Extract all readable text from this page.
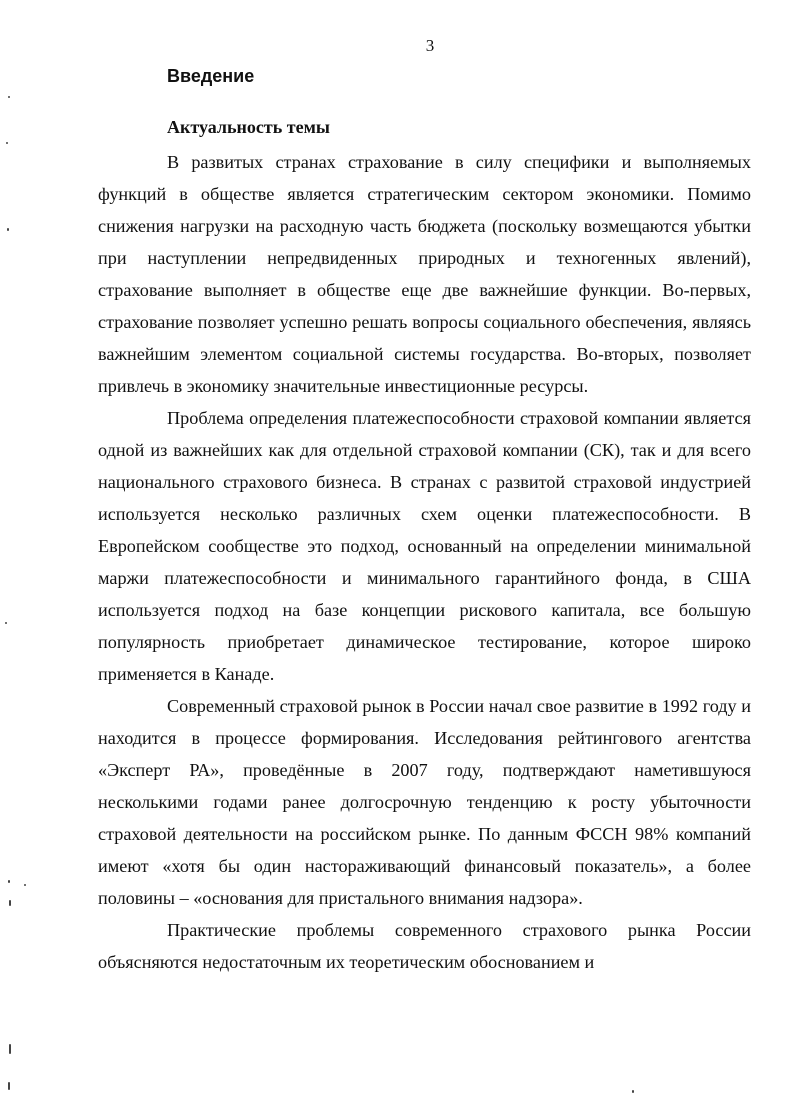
3
Введение
Актуальность темы

В развитых странах страхование в силу специфики и выполняемых функций в обществе является стратегическим сектором экономики. Помимо снижения нагрузки на расходную часть бюджета (поскольку возмещаются убытки при наступлении непредвиденных природных и техногенных явлений), страхование выполняет в обществе еще две важнейшие функции. Во-первых, страхование позволяет успешно решать вопросы социального обеспечения, являясь важнейшим элементом социальной системы государства. Во-вторых, позволяет привлечь в экономику значительные инвестиционные ресурсы.

Проблема определения платежеспособности страховой компании является одной из важнейших как для отдельной страховой компании (СК), так и для всего национального страхового бизнеса. В странах с развитой страховой индустрией используется несколько различных схем оценки платежеспособности. В Европейском сообществе это подход, основанный на определении минимальной маржи платежеспособности и минимального гарантийного фонда, в США используется подход на базе концепции рискового капитала, все большую популярность приобретает динамическое тестирование, которое широко применяется в Канаде.

Современный страховой рынок в России начал свое развитие в 1992 году и находится в процессе формирования. Исследования рейтингового агентства «Эксперт РА», проведённые в 2007 году, подтверждают наметившуюся несколькими годами ранее долгосрочную тенденцию к росту убыточности страховой деятельности на российском рынке. По данным ФССН 98% компаний имеют «хотя бы один настораживающий финансовый показатель», а более половины – «основания для пристального внимания надзора».

Практические проблемы современного страхового рынка России объясняются недостаточным их теоретическим обоснованием и
